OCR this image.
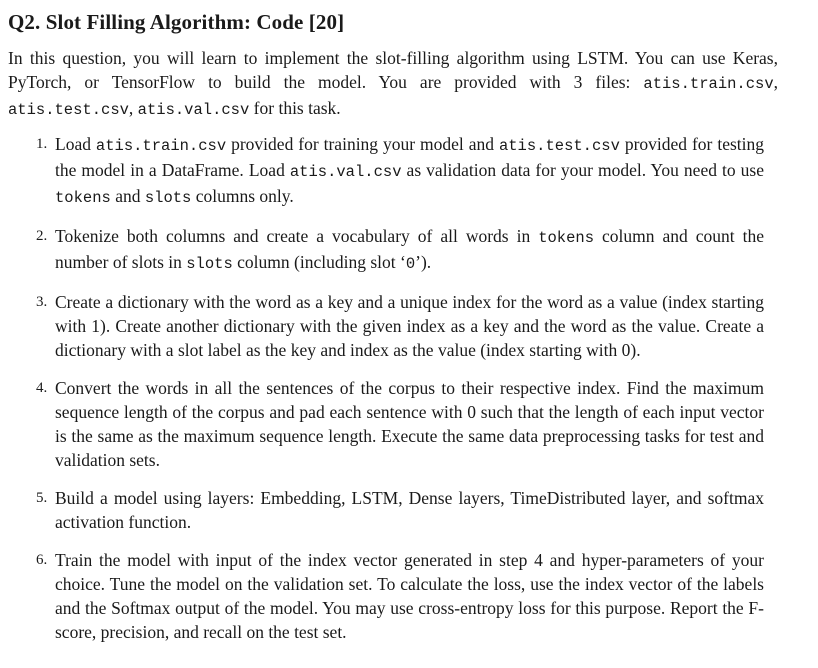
Q2. Slot Filling Algorithm: Code [20]

In this question, you will learn to implement the slot-filling algorithm using LSTM. You can use Keras, PyTorch, or TensorFlow to build the model. You are provided with 3 files: atis.train.csv, atis.test.csv, atis.val.csv for this task.

1. Load atis.train.csv provided for training your model and atis.test.csv provided for testing the model in a DataFrame. Load atis.val.csv as validation data for your model. You need to use tokens and slots columns only.
2. Tokenize both columns and create a vocabulary of all words in tokens column and count the number of slots in slots column (including slot ‘0’).
3. Create a dictionary with the word as a key and a unique index for the word as a value (index starting with 1). Create another dictionary with the given index as a key and the word as the value. Create a dictionary with a slot label as the key and index as the value (index starting with 0).
4. Convert the words in all the sentences of the corpus to their respective index. Find the maximum sequence length of the corpus and pad each sentence with 0 such that the length of each input vector is the same as the maximum sequence length. Execute the same data preprocessing tasks for test and validation sets.
5. Build a model using layers: Embedding, LSTM, Dense layers, TimeDistributed layer, and softmax activation function.
6. Train the model with input of the index vector generated in step 4 and hyper-parameters of your choice. Tune the model on the validation set. To calculate the loss, use the index vector of the labels and the Softmax output of the model. You may use cross-entropy loss for this purpose. Report the F-score, precision, and recall on the test set.
